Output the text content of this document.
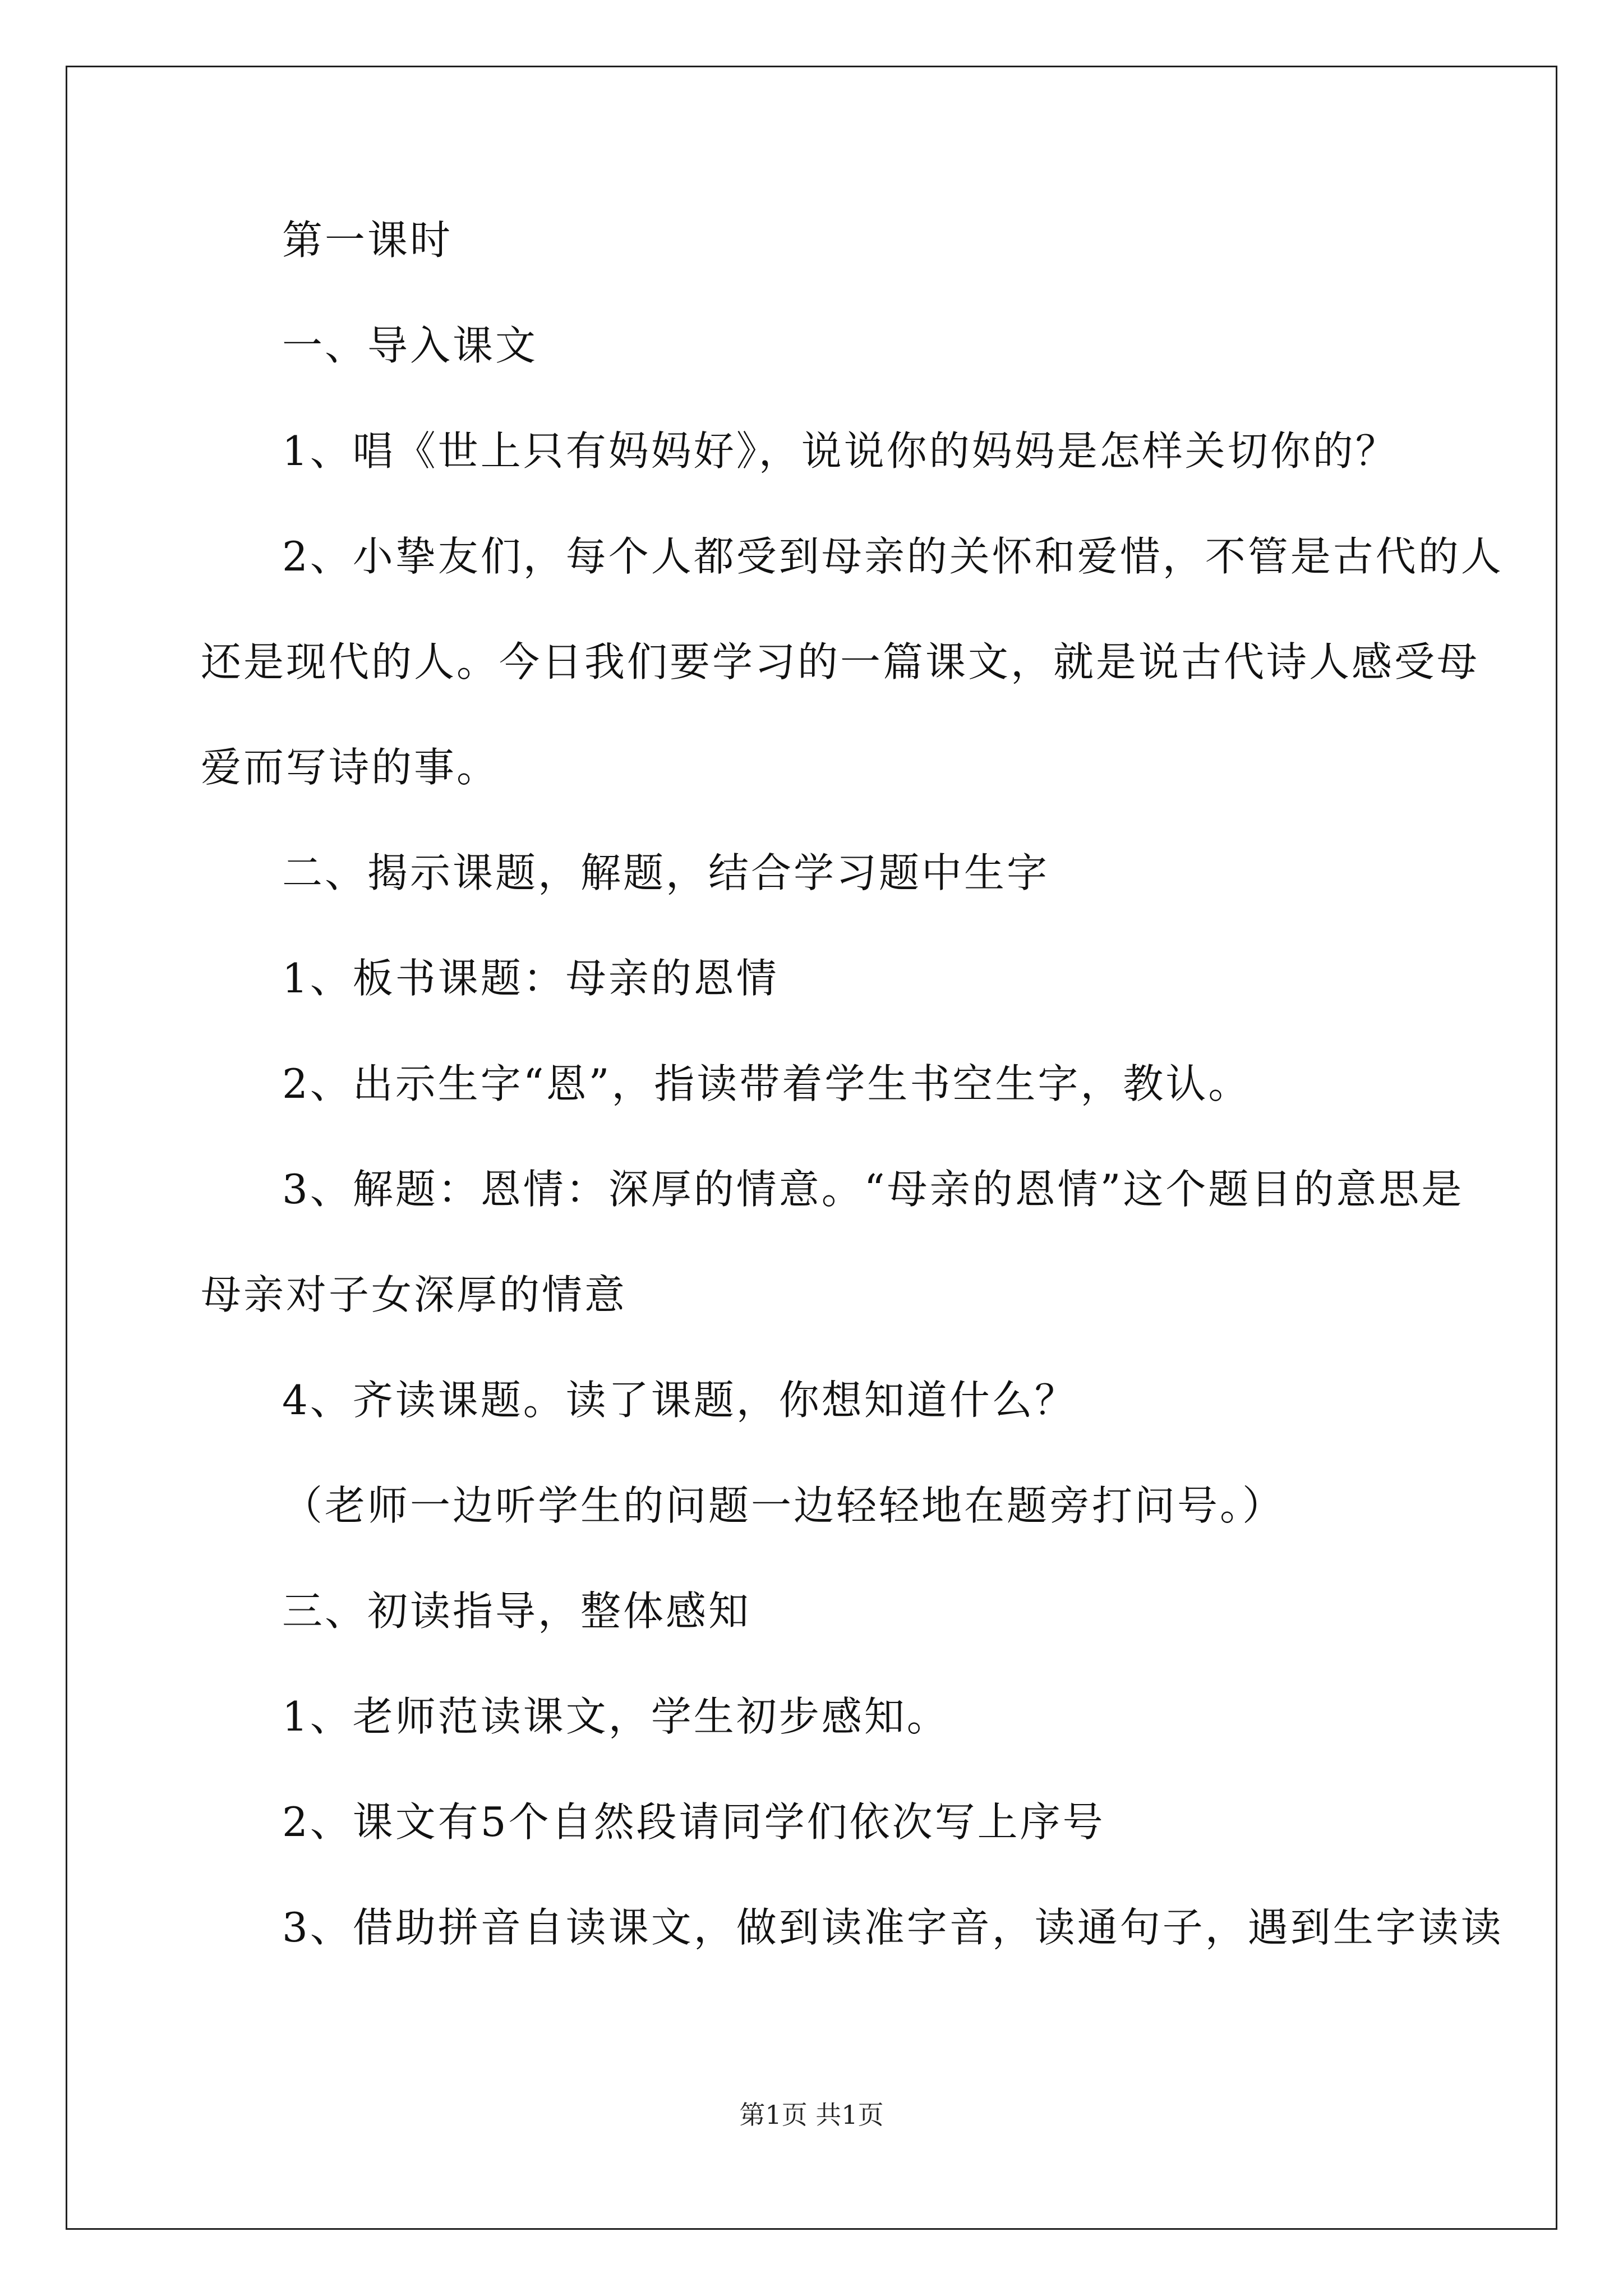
第一课时
一、导入课文
1、唱《世上只有妈妈好》，说说你的妈妈是怎样关切你的？
2、小挚友们，每个人都受到母亲的关怀和爱惜，不管是古代的人
还是现代的人。今日我们要学习的一篇课文，就是说古代诗人感受母
爱而写诗的事。
二、揭示课题，解题，结合学习题中生字
1、板书课题：母亲的恩情
2、出示生字“恩”，指读带着学生书空生字，教认。
3、解题：恩情：深厚的情意。“母亲的恩情”这个题目的意思是
母亲对子女深厚的情意
4、齐读课题。读了课题，你想知道什么？
（老师一边听学生的问题一边轻轻地在题旁打问号。）
三、初读指导，整体感知
1、老师范读课文，学生初步感知。
2、课文有5个自然段请同学们依次写上序号
3、借助拼音自读课文，做到读准字音，读通句子，遇到生字读读
第1页 共1页
